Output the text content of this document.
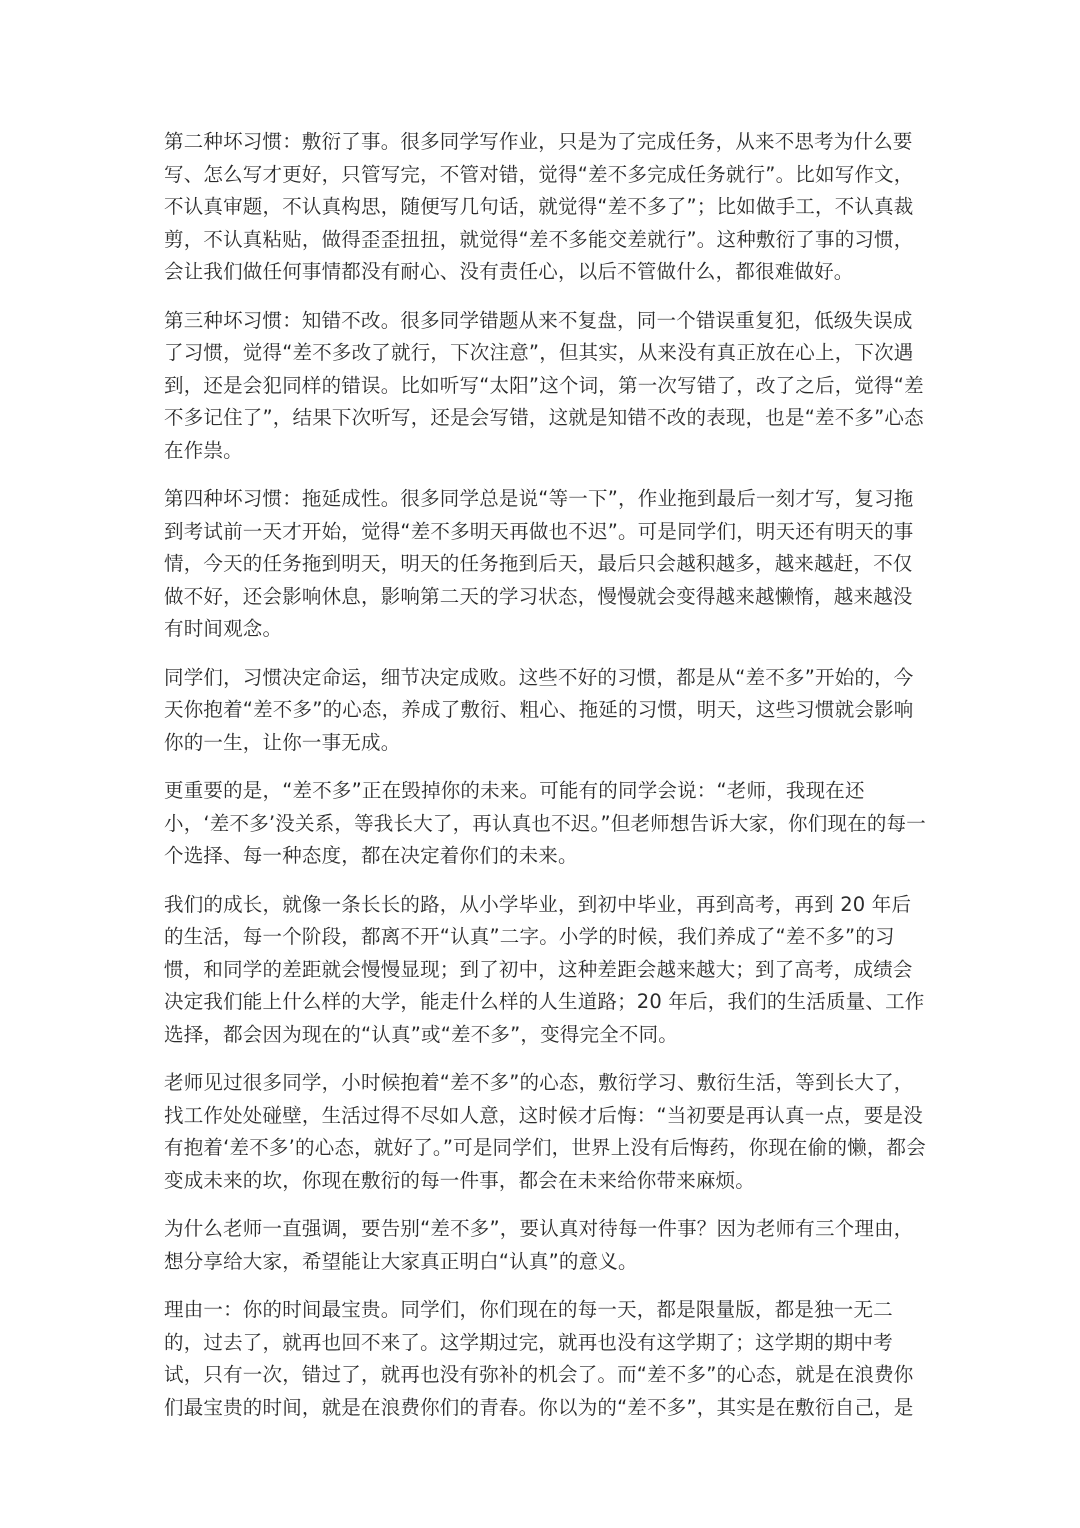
第二种坏习惯：敷衍了事。很多同学写作业，只是为了完成任务，从来不思考为什么要写、怎么写才更好，只管写完，不管对错，觉得“差不多完成任务就行”。比如写作文，不认真审题，不认真构思，随便写几句话，就觉得“差不多了”；比如做手工，不认真裁剪，不认真粘贴，做得歪歪扭扭，就觉得“差不多能交差就行”。这种敷衍了事的习惯，会让我们做任何事情都没有耐心、没有责任心，以后不管做什么，都很难做好。

第三种坏习惯：知错不改。很多同学错题从来不复盘，同一个错误重复犯，低级失误成了习惯，觉得“差不多改了就行，下次注意”，但其实，从来没有真正放在心上，下次遇到，还是会犯同样的错误。比如听写“太阳”这个词，第一次写错了，改了之后，觉得“差不多记住了”，结果下次听写，还是会写错，这就是知错不改的表现，也是“差不多”心态在作祟。

第四种坏习惯：拖延成性。很多同学总是说“等一下”，作业拖到最后一刻才写，复习拖到考试前一天才开始，觉得“差不多明天再做也不迟”。可是同学们，明天还有明天的事情，今天的任务拖到明天，明天的任务拖到后天，最后只会越积越多，越来越赶，不仅做不好，还会影响休息，影响第二天的学习状态，慢慢就会变得越来越懒惰，越来越没有时间观念。

同学们，习惯决定命运，细节决定成败。这些不好的习惯，都是从“差不多”开始的，今天你抱着“差不多”的心态，养成了敷衍、粗心、拖延的习惯，明天，这些习惯就会影响你的一生，让你一事无成。

更重要的是，“差不多”正在毁掉你的未来。可能有的同学会说：“老师，我现在还小，‘差不多’没关系，等我长大了，再认真也不迟。”但老师想告诉大家，你们现在的每一个选择、每一种态度，都在决定着你们的未来。

我们的成长，就像一条长长的路，从小学毕业，到初中毕业，再到高考，再到 20 年后的生活，每一个阶段，都离不开“认真”二字。小学的时候，我们养成了“差不多”的习惯，和同学的差距就会慢慢显现；到了初中，这种差距会越来越大；到了高考，成绩会决定我们能上什么样的大学，能走什么样的人生道路；20 年后，我们的生活质量、工作选择，都会因为现在的“认真”或“差不多”，变得完全不同。

老师见过很多同学，小时候抱着“差不多”的心态，敷衍学习、敷衍生活，等到长大了，找工作处处碰壁，生活过得不尽如人意，这时候才后悔：“当初要是再认真一点，要是没有抱着‘差不多’的心态，就好了。”可是同学们，世界上没有后悔药，你现在偷的懒，都会变成未来的坎，你现在敷衍的每一件事，都会在未来给你带来麻烦。

为什么老师一直强调，要告别“差不多”，要认真对待每一件事？因为老师有三个理由，想分享给大家，希望能让大家真正明白“认真”的意义。

理由一：你的时间最宝贵。同学们，你们现在的每一天，都是限量版，都是独一无二的，过去了，就再也回不来了。这学期过完，就再也没有这学期了；这学期的期中考试，只有一次，错过了，就再也没有弥补的机会了。而“差不多”的心态，就是在浪费你们最宝贵的时间，就是在浪费你们的青春。你以为的“差不多”，其实是在敷衍自己，是
